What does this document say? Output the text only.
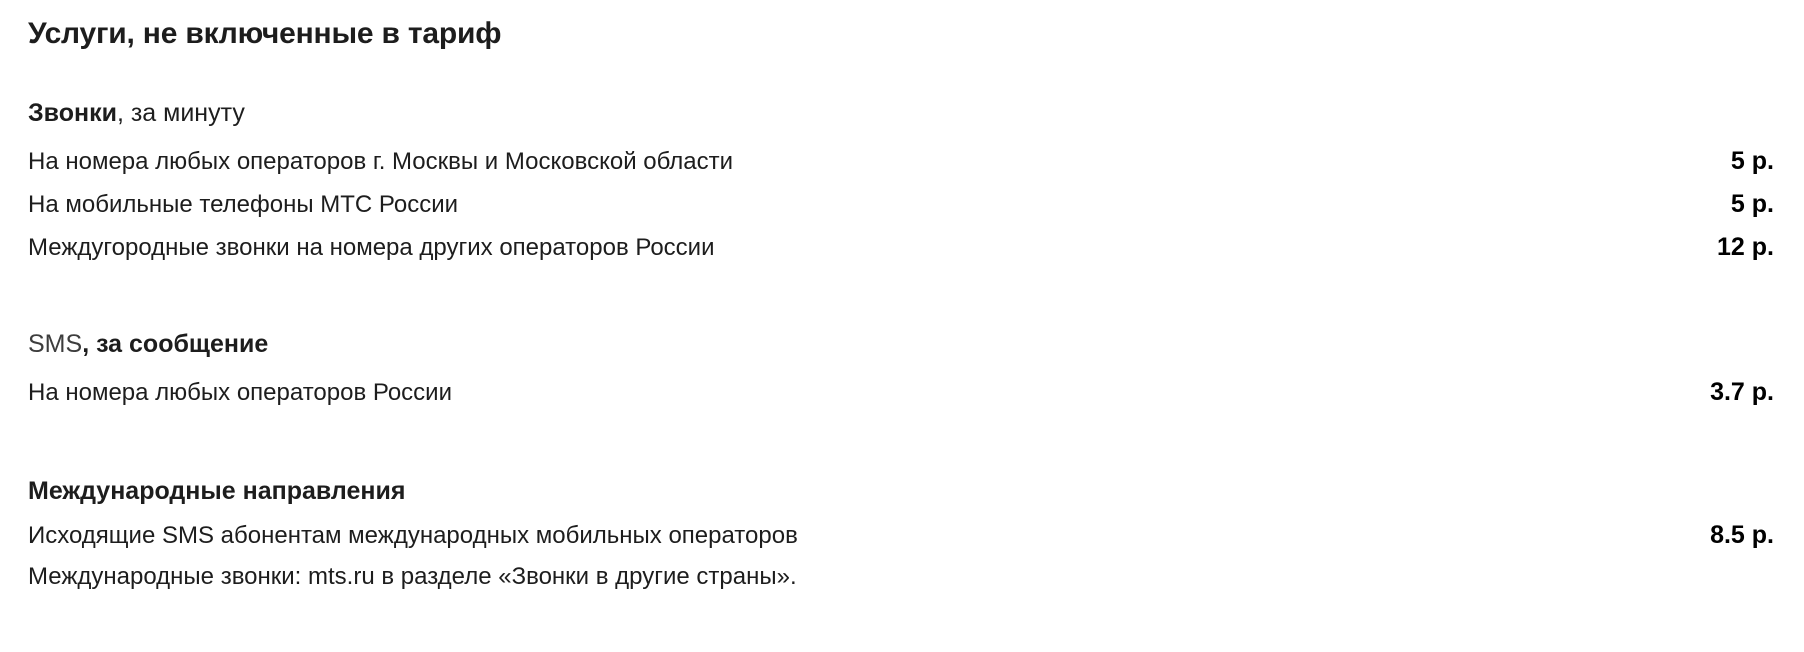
Услуги, не включенные в тариф
Звонки, за минуту
На номера любых операторов г. Москвы и Московской области	5 р.
На мобильные телефоны МТС России	5 р.
Междугородные звонки на номера других операторов России	12 р.
SMS, за сообщение
На номера любых операторов России	3.7 р.
Международные направления
Исходящие SMS абонентам международных мобильных операторов	8.5 р.
Международные звонки: mts.ru в разделе «Звонки в другие страны».
